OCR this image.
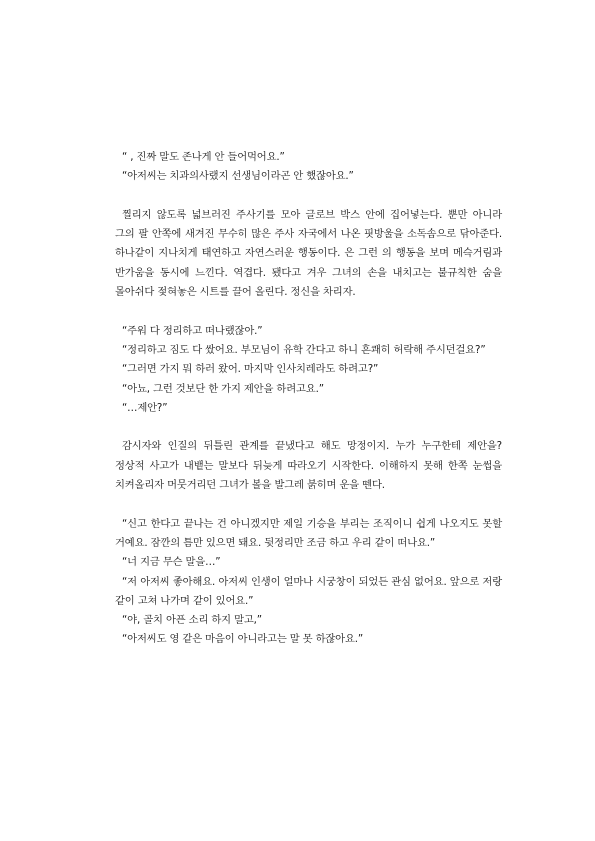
“ , 진짜 말도 존나게 안 들어먹어요.”

“아저씨는 치과의사랬지 선생님이라곤 안 했잖아요.”

찔리지 않도록 넓브러진 주사기를 모아 글로브 박스 안에 집어넣는다. 뿐만 아니라 그의 팔 안쪽에 새겨진 무수히 많은 주사 자국에서 나온 핏방울을 소독솜으로 닦아준다. 하나같이 지나치게 태연하고 자연스러운 행동이다. 은 그런 의 행동을 보며 메슥거림과 반가움을 동시에 느낀다. 역겹다. 됐다고 겨우 그녀의 손을 내치고는 불규칙한 숨을 몰아쉬다 젖혀놓은 시트를 끌어 올린다. 정신을 차리자.

“주워 다 정리하고 떠나랬잖아.”

“정리하고 짐도 다 쌌어요. 부모님이 유학 간다고 하니 흔쾌히 허락해 주시던걸요?”

“그러면 가지 뭐 하러 왔어. 마지막 인사치레라도 하려고?”

“아뇨, 그런 것보단 한 가지 제안을 하려고요.”

“…제안?”

감시자와 인질의 뒤틀린 관계를 끝냈다고 해도 망정이지. 누가 누구한테 제안을? 정상적 사고가 내뱉는 말보다 뒤늦게 따라오기 시작한다. 이해하지 못해 한쪽 눈썹을 치켜올리자 머뭇거리던 그녀가 볼을 발그레 붉히며 운을 뗀다.

“신고 한다고 끝나는 건 아니겠지만 제일 기승을 부리는 조직이니 쉽게 나오지도 못할 거예요. 잠깐의 틈만 있으면 돼요. 뒷정리만 조금 하고 우리 같이 떠나요.”

“너 지금 무슨 말을…”

“저 아저씨 좋아해요. 아저씨 인생이 얼마나 시궁창이 되었든 관심 없어요. 앞으로 저랑 같이 고쳐 나가며 같이 있어요.”

“야, 골치 아픈 소리 하지 말고,”

“아저씨도 영 같은 마음이 아니라고는 말 못 하잖아요.”
